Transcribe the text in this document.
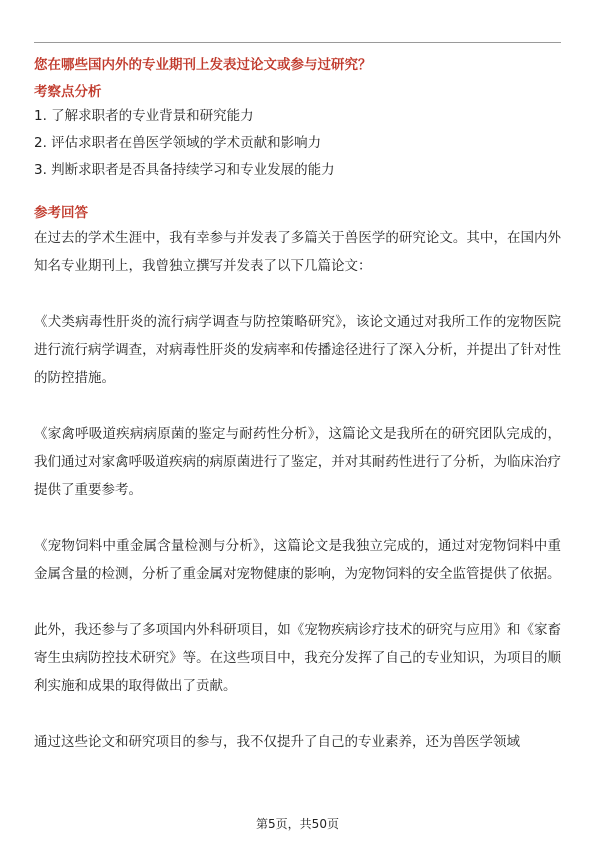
您在哪些国内外的专业期刊上发表过论文或参与过研究？
考察点分析
1. 了解求职者的专业背景和研究能力
2. 评估求职者在兽医学领域的学术贡献和影响力
3. 判断求职者是否具备持续学习和专业发展的能力
参考回答

在过去的学术生涯中，我有幸参与并发表了多篇关于兽医学的研究论文。其中，在国内外知名专业期刊上，我曾独立撰写并发表了以下几篇论文：

《犬类病毒性肝炎的流行病学调查与防控策略研究》，该论文通过对我所工作的宠物医院进行流行病学调查，对病毒性肝炎的发病率和传播途径进行了深入分析，并提出了针对性的防控措施。

《家禽呼吸道疾病病原菌的鉴定与耐药性分析》，这篇论文是我所在的研究团队完成的，我们通过对家禽呼吸道疾病的病原菌进行了鉴定，并对其耐药性进行了分析，为临床治疗提供了重要参考。

《宠物饲料中重金属含量检测与分析》，这篇论文是我独立完成的，通过对宠物饲料中重金属含量的检测，分析了重金属对宠物健康的影响，为宠物饲料的安全监管提供了依据。

此外，我还参与了多项国内外科研项目，如《宠物疾病诊疗技术的研究与应用》和《家畜寄生虫病防控技术研究》等。在这些项目中，我充分发挥了自己的专业知识，为项目的顺利实施和成果的取得做出了贡献。

通过这些论文和研究项目的参与，我不仅提升了自己的专业素养，还为兽医学领域

第5页，共50页
